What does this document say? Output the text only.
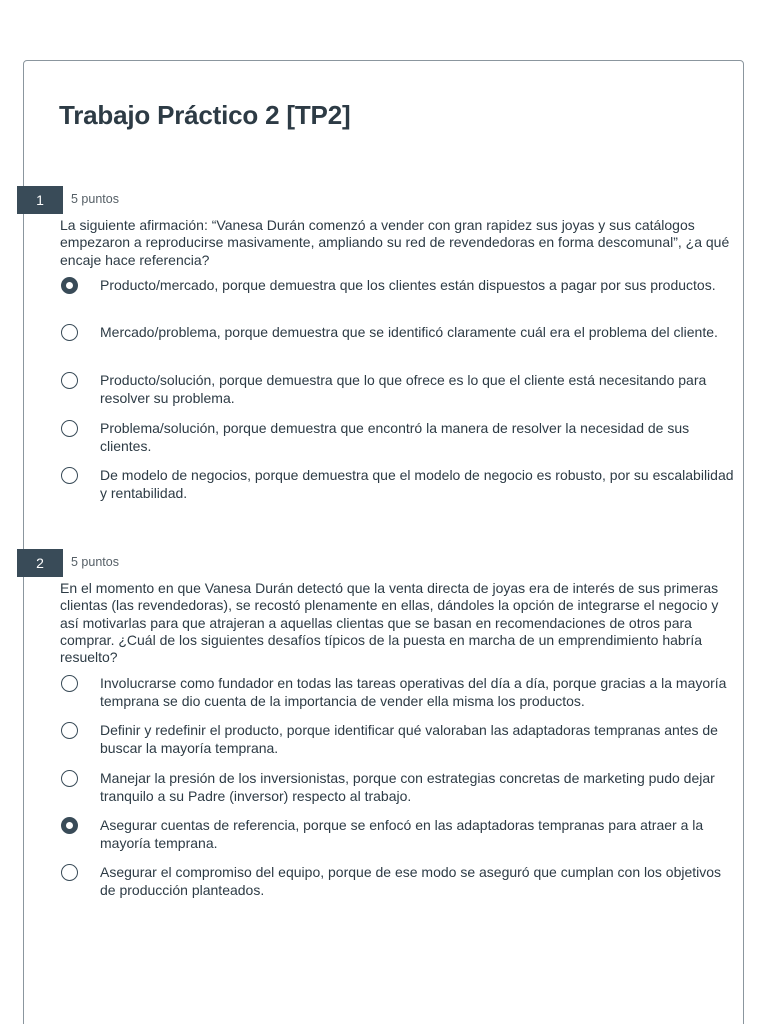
Trabajo Práctico 2 [TP2]
1	5 puntos

La siguiente afirmación: “Vanesa Durán comenzó a vender con gran rapidez sus joyas y sus catálogos empezaron a reproducirse masivamente, ampliando su red de revendedoras en forma descomunal”, ¿a qué encaje hace referencia?

Producto/mercado, porque demuestra que los clientes están dispuestos a pagar por sus productos.

Mercado/problema, porque demuestra que se identificó claramente cuál era el problema del cliente.

Producto/solución, porque demuestra que lo que ofrece es lo que el cliente está necesitando para resolver su problema.

Problema/solución, porque demuestra que encontró la manera de resolver la necesidad de sus clientes.

De modelo de negocios, porque demuestra que el modelo de negocio es robusto, por su escalabilidad y rentabilidad.

2	5 puntos

En el momento en que Vanesa Durán detectó que la venta directa de joyas era de interés de sus primeras clientas (las revendedoras), se recostó plenamente en ellas, dándoles la opción de integrarse el negocio y así motivarlas para que atrajeran a aquellas clientas que se basan en recomendaciones de otros para comprar. ¿Cuál de los siguientes desafíos típicos de la puesta en marcha de un emprendimiento habría resuelto?

Involucrarse como fundador en todas las tareas operativas del día a día, porque gracias a la mayoría temprana se dio cuenta de la importancia de vender ella misma los productos.

Definir y redefinir el producto, porque identificar qué valoraban las adaptadoras tempranas antes de buscar la mayoría temprana.

Manejar la presión de los inversionistas, porque con estrategias concretas de marketing pudo dejar tranquilo a su Padre (inversor) respecto al trabajo.

Asegurar cuentas de referencia, porque se enfocó en las adaptadoras tempranas para atraer a la mayoría temprana.

Asegurar el compromiso del equipo, porque de ese modo se aseguró que cumplan con los objetivos de producción planteados.
